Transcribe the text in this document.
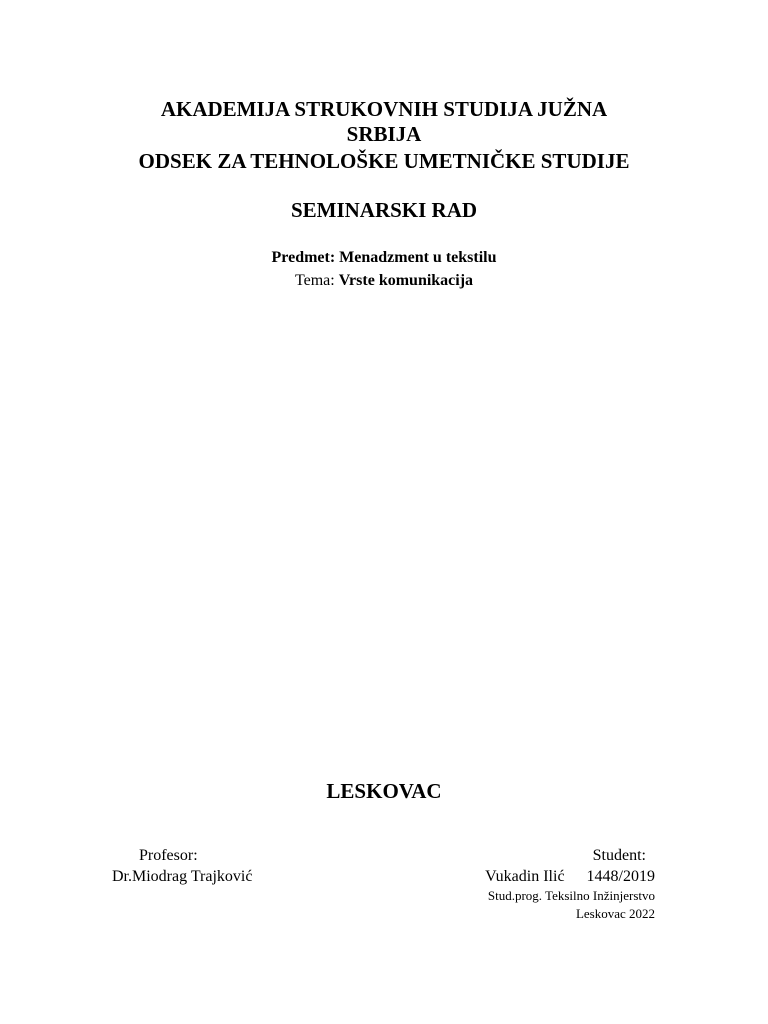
AKADEMIJA STRUKOVNIH STUDIJA JUŽNA
SRBIJA
ODSEK ZA TEHNOLOŠKE UMETNIČKE STUDIJE
SEMINARSKI RAD
Predmet: Menadzment u tekstilu
Tema: Vrste komunikacija
LESKOVAC
Profesor:
Dr.Miodrag Trajković
Student:
Vukadin Ilić 1448/2019
Stud.prog. Teksilno Inžinjerstvo
Leskovac 2022
